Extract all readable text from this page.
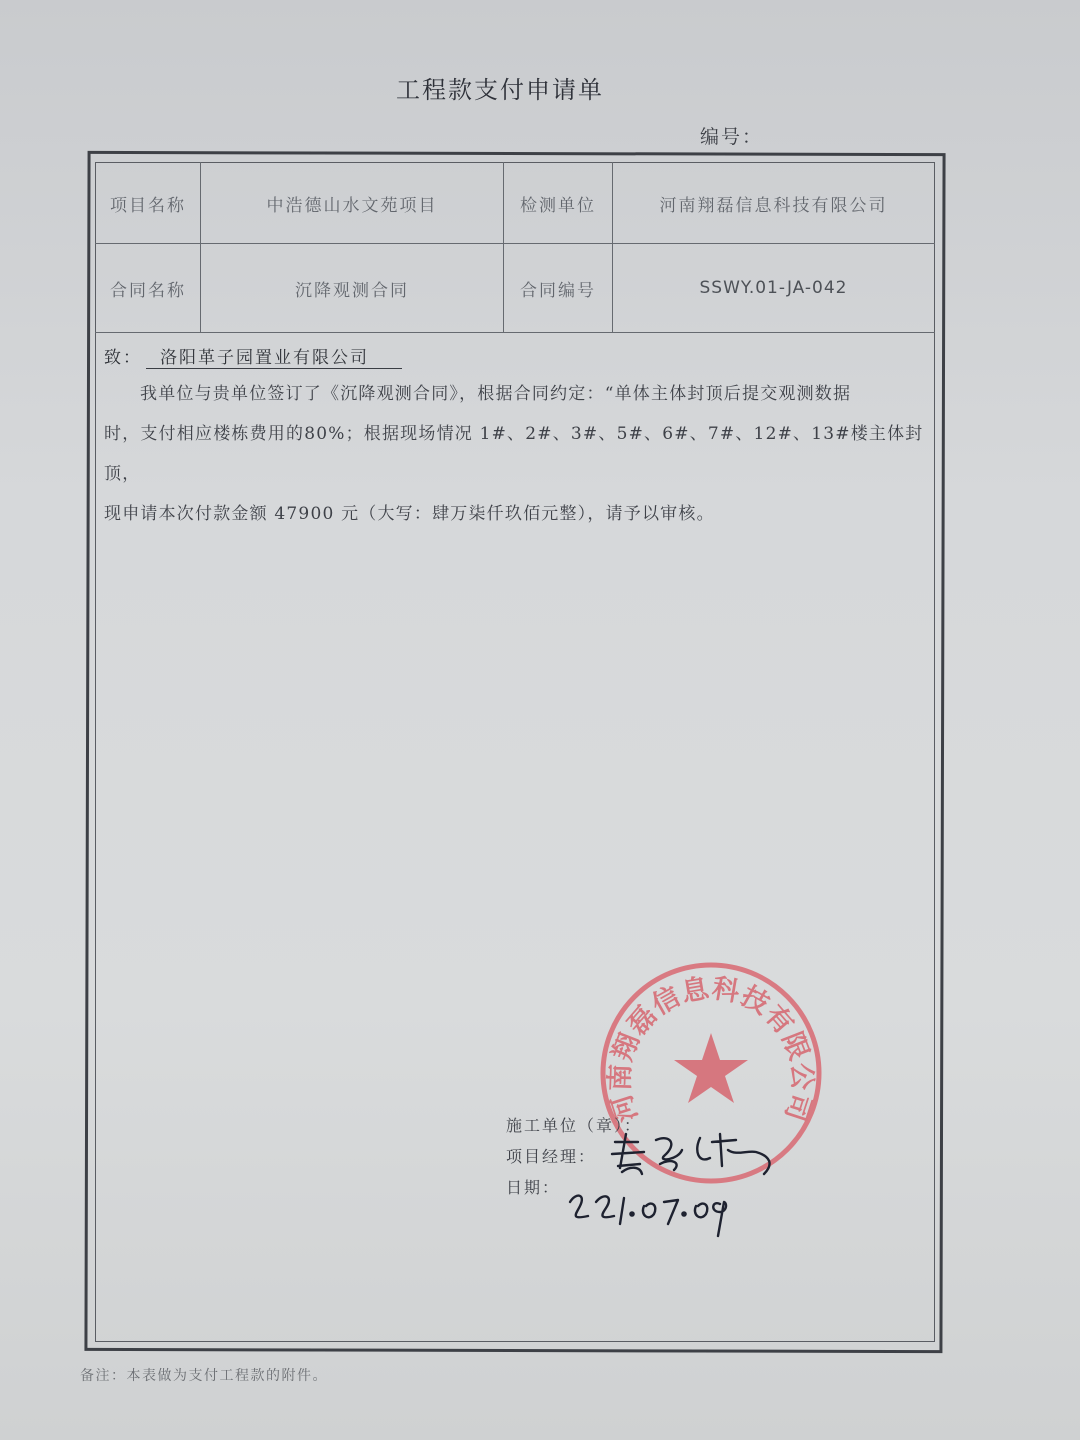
工程款支付申请单
编号：
项目名称	中浩德山水文苑项目	检测单位	河南翔磊信息科技有限公司
合同名称	沉降观测合同	合同编号	SSWY.01-JA-042
致： 洛阳革子园置业有限公司

我单位与贵单位签订了《沉降观测合同》，根据合同约定：“单体主体封顶后提交观测数据

时，支付相应楼栋费用的80%；根据现场情况 1#、2#、3#、5#、6#、7#、12#、13#楼主体封顶，

现申请本次付款金额 47900 元（大写：肆万柒仟玖佰元整），请予以审核。

河南翔磊信息科技有限公司
施工单位（章）：
项目经理：
日期：
备注：本表做为支付工程款的附件。
